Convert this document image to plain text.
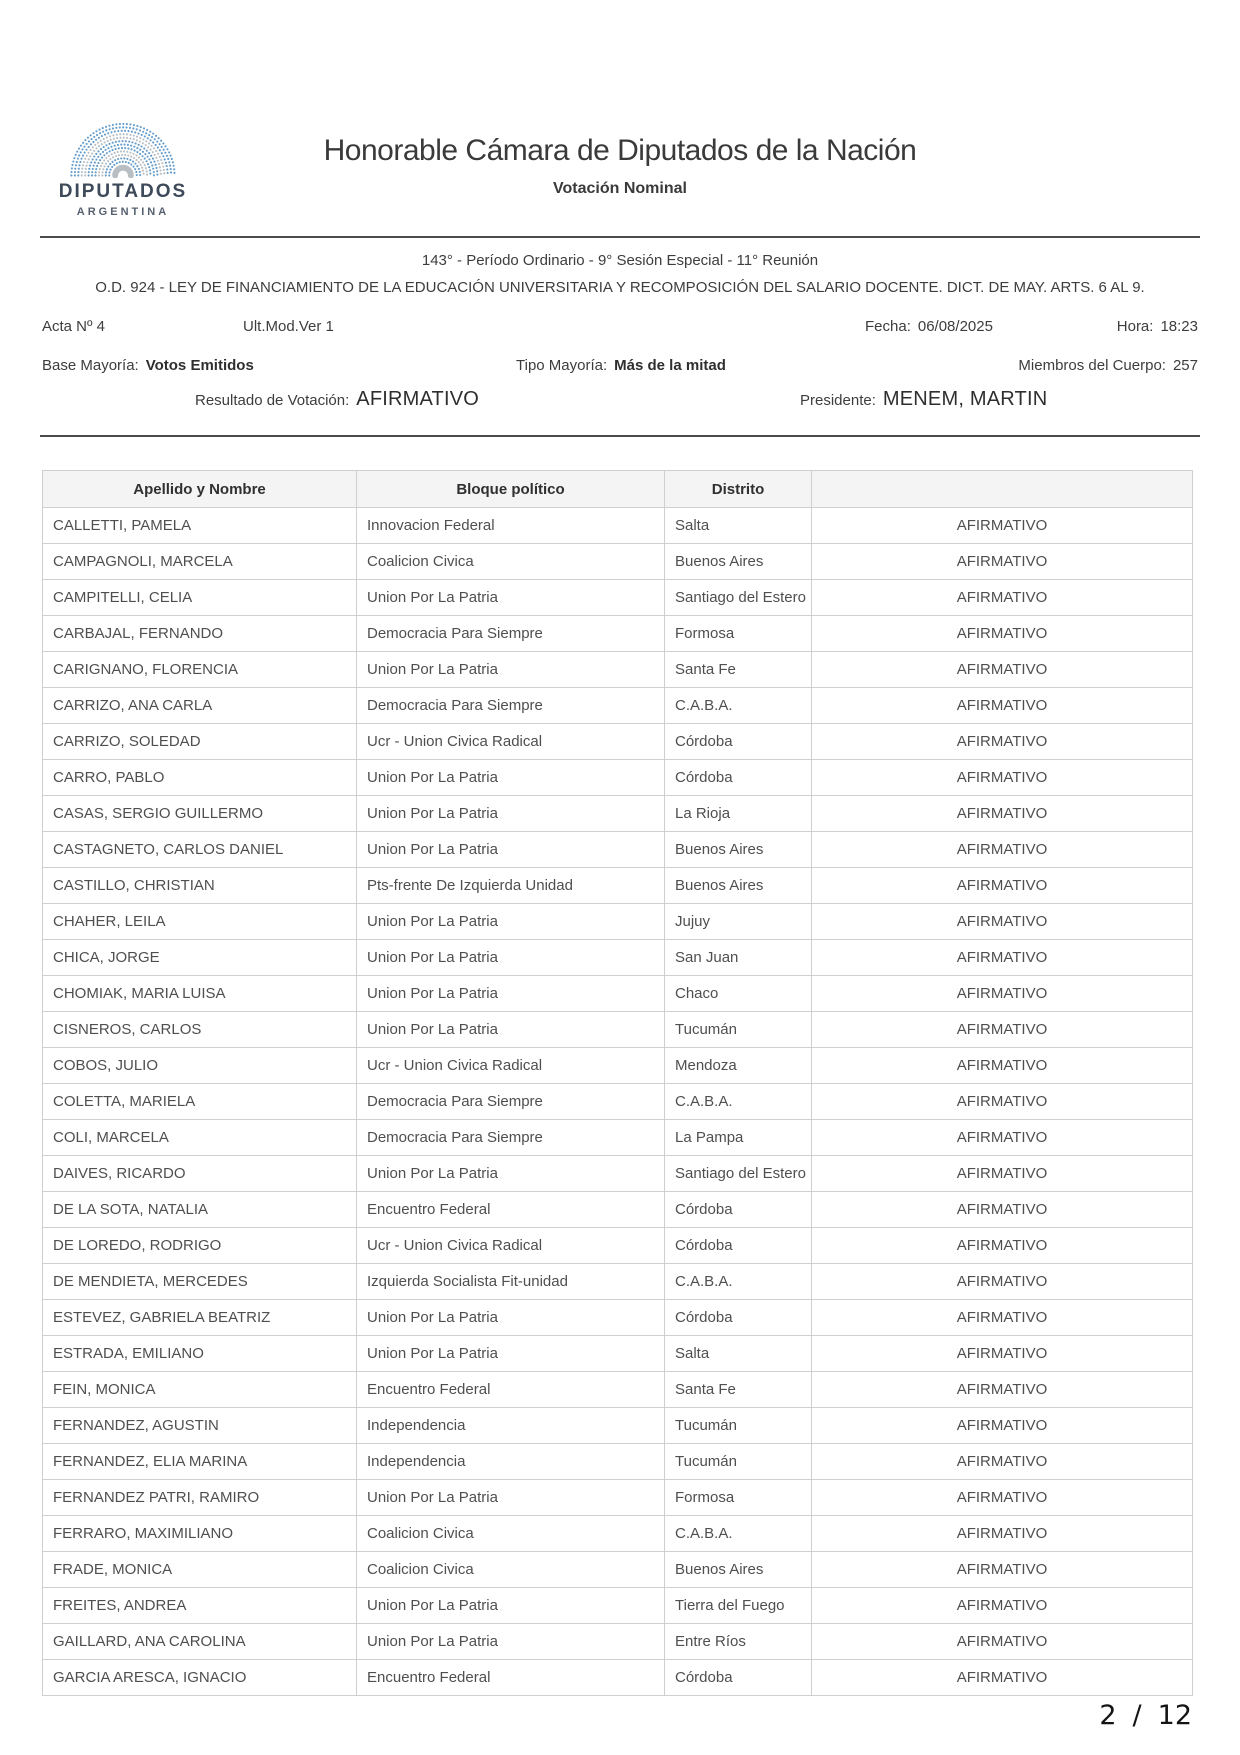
DIPUTADOS
ARGENTINA
Honorable Cámara de Diputados de la Nación
Votación Nominal
143° - Período Ordinario - 9° Sesión Especial - 11° Reunión
O.D. 924 - LEY DE FINANCIAMIENTO DE LA EDUCACIÓN UNIVERSITARIA Y RECOMPOSICIÓN DEL SALARIO DOCENTE. DICT. DE MAY. ARTS. 6 AL 9.
Acta Nº 4	Ult.Mod.Ver 1	Fecha: 06/08/2025	Hora: 18:23
Base Mayoría: Votos Emitidos	Tipo Mayoría: Más de la mitad	Miembros del Cuerpo: 257
Resultado de Votación: AFIRMATIVO	Presidente: MENEM, MARTIN
Apellido y Nombre	Bloque político	Distrito	
CALLETTI, PAMELA	Innovacion Federal	Salta	AFIRMATIVO
CAMPAGNOLI, MARCELA	Coalicion Civica	Buenos Aires	AFIRMATIVO
CAMPITELLI, CELIA	Union Por La Patria	Santiago del Estero	AFIRMATIVO
CARBAJAL, FERNANDO	Democracia Para Siempre	Formosa	AFIRMATIVO
CARIGNANO, FLORENCIA	Union Por La Patria	Santa Fe	AFIRMATIVO
CARRIZO, ANA CARLA	Democracia Para Siempre	C.A.B.A.	AFIRMATIVO
CARRIZO, SOLEDAD	Ucr - Union Civica Radical	Córdoba	AFIRMATIVO
CARRO, PABLO	Union Por La Patria	Córdoba	AFIRMATIVO
CASAS, SERGIO GUILLERMO	Union Por La Patria	La Rioja	AFIRMATIVO
CASTAGNETO, CARLOS DANIEL	Union Por La Patria	Buenos Aires	AFIRMATIVO
CASTILLO, CHRISTIAN	Pts-frente De Izquierda Unidad	Buenos Aires	AFIRMATIVO
CHAHER, LEILA	Union Por La Patria	Jujuy	AFIRMATIVO
CHICA, JORGE	Union Por La Patria	San Juan	AFIRMATIVO
CHOMIAK, MARIA LUISA	Union Por La Patria	Chaco	AFIRMATIVO
CISNEROS, CARLOS	Union Por La Patria	Tucumán	AFIRMATIVO
COBOS, JULIO	Ucr - Union Civica Radical	Mendoza	AFIRMATIVO
COLETTA, MARIELA	Democracia Para Siempre	C.A.B.A.	AFIRMATIVO
COLI, MARCELA	Democracia Para Siempre	La Pampa	AFIRMATIVO
DAIVES, RICARDO	Union Por La Patria	Santiago del Estero	AFIRMATIVO
DE LA SOTA, NATALIA	Encuentro Federal	Córdoba	AFIRMATIVO
DE LOREDO, RODRIGO	Ucr - Union Civica Radical	Córdoba	AFIRMATIVO
DE MENDIETA, MERCEDES	Izquierda Socialista Fit-unidad	C.A.B.A.	AFIRMATIVO
ESTEVEZ, GABRIELA BEATRIZ	Union Por La Patria	Córdoba	AFIRMATIVO
ESTRADA, EMILIANO	Union Por La Patria	Salta	AFIRMATIVO
FEIN, MONICA	Encuentro Federal	Santa Fe	AFIRMATIVO
FERNANDEZ, AGUSTIN	Independencia	Tucumán	AFIRMATIVO
FERNANDEZ, ELIA MARINA	Independencia	Tucumán	AFIRMATIVO
FERNANDEZ PATRI, RAMIRO	Union Por La Patria	Formosa	AFIRMATIVO
FERRARO, MAXIMILIANO	Coalicion Civica	C.A.B.A.	AFIRMATIVO
FRADE, MONICA	Coalicion Civica	Buenos Aires	AFIRMATIVO
FREITES, ANDREA	Union Por La Patria	Tierra del Fuego	AFIRMATIVO
GAILLARD, ANA CAROLINA	Union Por La Patria	Entre Ríos	AFIRMATIVO
GARCIA ARESCA, IGNACIO	Encuentro Federal	Córdoba	AFIRMATIVO
2 / 12
